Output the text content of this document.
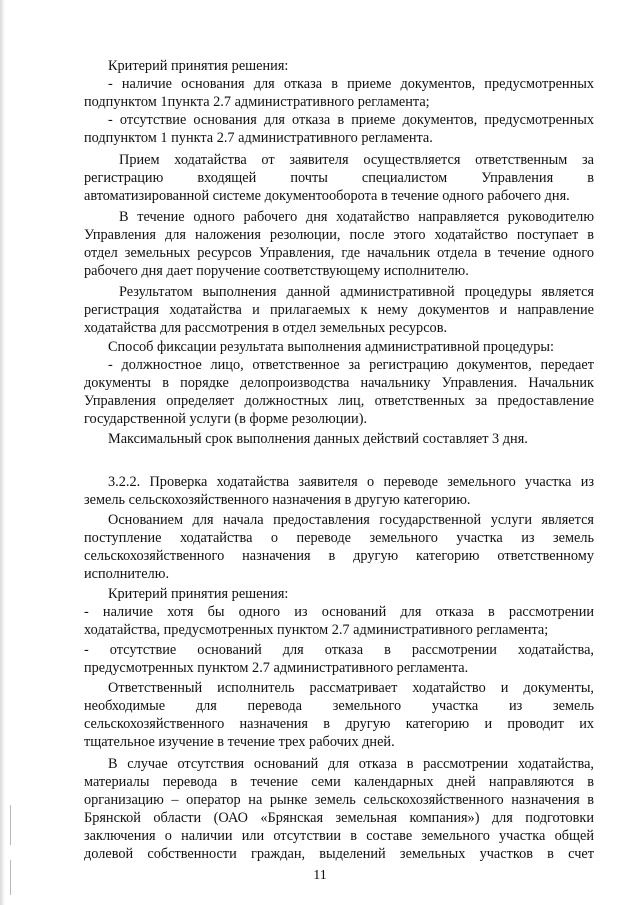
Критерий принятия решения:
- наличие основания для отказа в приеме документов, предусмотренных
подпунктом 1пункта 2.7 административного регламента;
- отсутствие основания для отказа в приеме документов, предусмотренных
подпунктом 1 пункта 2.7 административного регламента.
Прием ходатайства от заявителя осуществляется ответственным за
регистрацию входящей почты специалистом Управления в
автоматизированной системе документооборота в течение одного рабочего дня.
В течение одного рабочего дня ходатайство направляется руководителю
Управления для наложения резолюции, после этого ходатайство поступает в
отдел земельных ресурсов Управления, где начальник отдела в течение одного
рабочего дня дает поручение соответствующему исполнителю.
Результатом выполнения данной административной процедуры является
регистрация ходатайства и прилагаемых к нему документов и направление
ходатайства для рассмотрения в отдел земельных ресурсов.
Способ фиксации результата выполнения административной процедуры:
- должностное лицо, ответственное за регистрацию документов, передает
документы в порядке делопроизводства начальнику Управления. Начальник
Управления определяет должностных лиц, ответственных за предоставление
государственной услуги (в форме резолюции).
Максимальный срок выполнения данных действий составляет 3 дня.
3.2.2. Проверка ходатайства заявителя о переводе земельного участка из
земель сельскохозяйственного назначения в другую категорию.
Основанием для начала предоставления государственной услуги является
поступление ходатайства о переводе земельного участка из земель
сельскохозяйственного назначения в другую категорию ответственному
исполнителю.
Критерий принятия решения:
- наличие хотя бы одного из оснований для отказа в рассмотрении
ходатайства, предусмотренных пунктом 2.7 административного регламента;
- отсутствие оснований для отказа в рассмотрении ходатайства,
предусмотренных пунктом 2.7 административного регламента.
Ответственный исполнитель рассматривает ходатайство и документы,
необходимые для перевода земельного участка из земель
сельскохозяйственного назначения в другую категорию и проводит их
тщательное изучение в течение трех рабочих дней.
В случае отсутствия оснований для отказа в рассмотрении ходатайства,
материалы перевода в течение семи календарных дней направляются в
организацию – оператор на рынке земель сельскохозяйственного назначения в
Брянской области (ОАО «Брянская земельная компания») для подготовки
заключения о наличии или отсутствии в составе земельного участка общей
долевой собственности граждан, выделений земельных участков в счет
11
